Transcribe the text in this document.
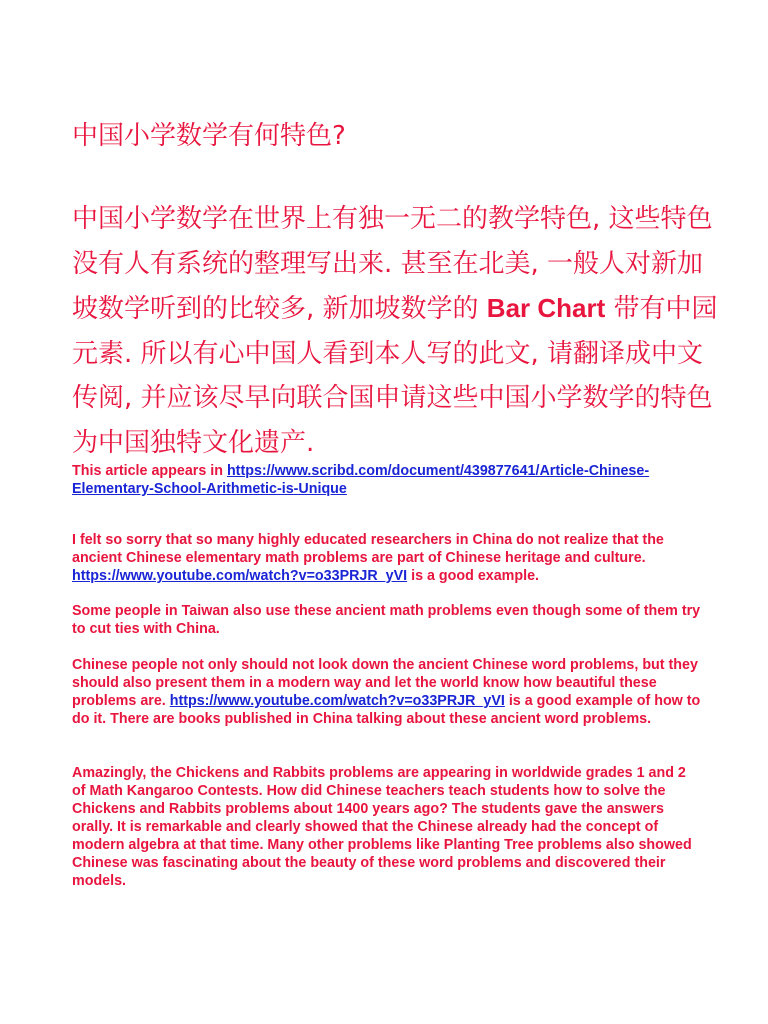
中国小学数学有何特色?
中国小学数学在世界上有独一无二的教学特色, 这些特色
没有人有系统的整理写出来. 甚至在北美, 一般人对新加
坡数学听到的比较多, 新加坡数学的 Bar Chart 带有中园
元素. 所以有心中国人看到本人写的此文, 请翻译成中文
传阅, 并应该尽早向联合国申请这些中国小学数学的特色
为中国独特文化遗产.

This article appears in https://www.scribd.com/document/439877641/Article-Chinese-Elementary-School-Arithmetic-is-Unique

I felt so sorry that so many highly educated researchers in China do not realize that the ancient Chinese elementary math problems are part of Chinese heritage and culture. https://www.youtube.com/watch?v=o33PRJR_yVI is a good example.

Some people in Taiwan also use these ancient math problems even though some of them try to cut ties with China.

Chinese people not only should not look down the ancient Chinese word problems, but they should also present them in a modern way and let the world know how beautiful these problems are. https://www.youtube.com/watch?v=o33PRJR_yVI is a good example of how to do it. There are books published in China talking about these ancient word problems.

Amazingly, the Chickens and Rabbits problems are appearing in worldwide grades 1 and 2 of Math Kangaroo Contests. How did Chinese teachers teach students how to solve the Chickens and Rabbits problems about 1400 years ago? The students gave the answers orally. It is remarkable and clearly showed that the Chinese already had the concept of modern algebra at that time. Many other problems like Planting Tree problems also showed Chinese was fascinating about the beauty of these word problems and discovered their models.
